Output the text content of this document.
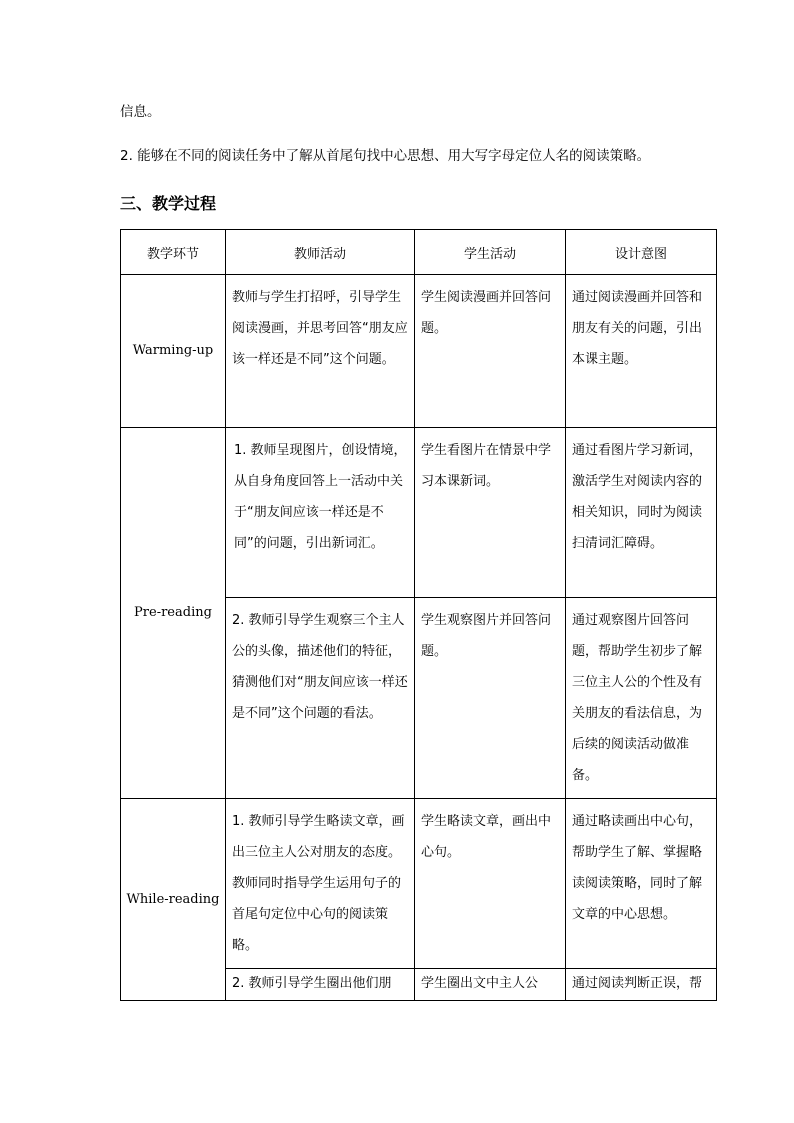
信息。

2. 能够在不同的阅读任务中了解从首尾句找中心思想、用大写字母定位人名的阅读策略。

三、教学过程
教学环节	教师活动	学生活动	设计意图
Warming-up	教师与学生打招呼，引导学生阅读漫画，并思考回答“朋友应该一样还是不同”这个问题。	学生阅读漫画并回答问题。	通过阅读漫画并回答和朋友有关的问题，引出本课主题。
Pre-reading	1. 教师呈现图片，创设情境，从自身角度回答上一活动中关于“朋友间应该一样还是不同”的问题，引出新词汇。	学生看图片在情景中学习本课新词。	通过看图片学习新词，激活学生对阅读内容的相关知识，同时为阅读扫清词汇障碍。
	2. 教师引导学生观察三个主人公的头像，描述他们的特征，猜测他们对“朋友间应该一样还是不同”这个问题的看法。	学生观察图片并回答问题。	通过观察图片回答问题，帮助学生初步了解三位主人公的个性及有关朋友的看法信息，为后续的阅读活动做准备。
While-reading	1. 教师引导学生略读文章，画出三位主人公对朋友的态度。教师同时指导学生运用句子的首尾句定位中心句的阅读策略。	学生略读文章，画出中心句。	通过略读画出中心句，帮助学生了解、掌握略读阅读策略，同时了解文章的中心思想。
	2. 教师引导学生圈出他们朋	学生圈出文中主人公	通过阅读判断正误，帮
